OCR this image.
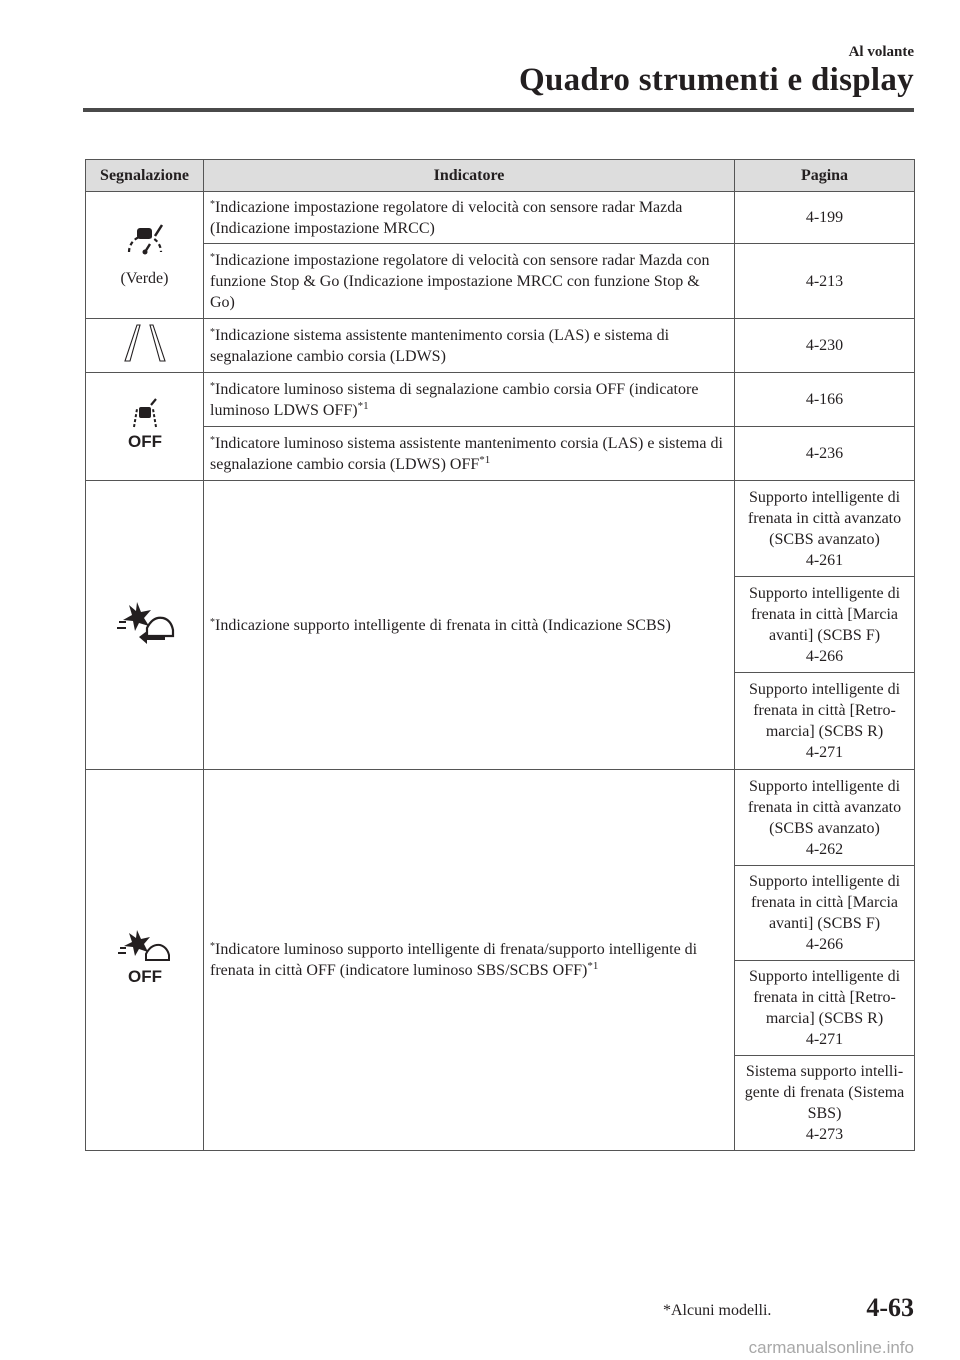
Al volante
Quadro strumenti e display
Segnalazione	Indicatore	Pagina

(Verde)	*Indicazione impostazione regolatore di velocità con sensore radar Mazda (Indicazione impostazione MRCC)	4-199
	*Indicazione impostazione regolatore di velocità con sensore radar Mazda con funzione Stop & Go (Indicazione impostazione MRCC con funzione Stop & Go)	4-213
	*Indicazione sistema assistente mantenimento corsia (LAS) e sistema di segnalazione cambio corsia (LDWS)	4-230

OFF	*Indicatore luminoso sistema di segnalazione cambio corsia OFF (indicatore luminoso LDWS OFF)$^{*1}$	4-166
	*Indicatore luminoso sistema assistente mantenimento corsia (LAS) e sistema di segnalazione cambio corsia (LDWS) OFF$^{*1}$	4-236
	*Indicazione supporto intelligente di frenata in città (Indicazione SCBS)	Supporto intelligente di frenata in città avanzato (SCBS avanzato)
4-261
		Supporto intelligente di frenata in città [Marcia avanti] (SCBS F)
4-266
		Supporto intelligente di frenata in città [Retro-marcia] (SCBS R)
4-271

OFF	*Indicatore luminoso supporto intelligente di frenata/supporto intelligente di frenata in città OFF (indicatore luminoso SBS/SCBS OFF)$^{*1}$	Supporto intelligente di frenata in città avanzato (SCBS avanzato)
4-262
		Supporto intelligente di frenata in città [Marcia avanti] (SCBS F)
4-266
		Supporto intelligente di frenata in città [Retro-marcia] (SCBS R)
4-271
		Sistema supporto intelli-gente di frenata (Sistema SBS)
4-273
*Alcuni modelli.	4-63
carmanualsonline.info
